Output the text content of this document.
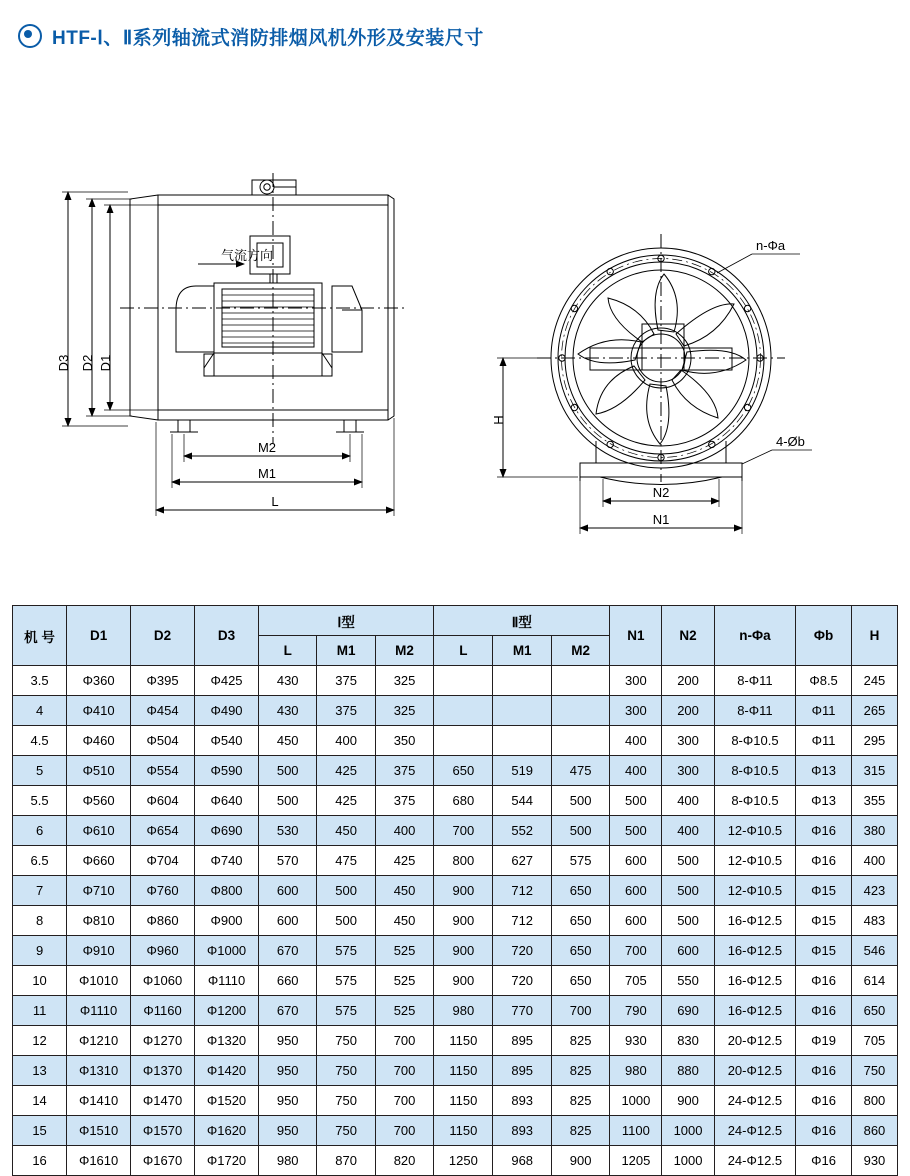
HTF-Ⅰ、Ⅱ系列轴流式消防排烟风机外形及安装尺寸
D3 D2 D1
M2
M1
L
气流方向
H
N2
N1
n-Φa
4-Øb
机 号	D1	D2	D3	Ⅰ型			Ⅱ型			N1	N2	n-Φa	Φb	H
				L	M1	M2	L	M1	M2					
3.5	Φ360	Φ395	Φ425	430	375	325				300	200	8-Φ11	Φ8.5	245
4	Φ410	Φ454	Φ490	430	375	325				300	200	8-Φ11	Φ11	265
4.5	Φ460	Φ504	Φ540	450	400	350				400	300	8-Φ10.5	Φ11	295
5	Φ510	Φ554	Φ590	500	425	375	650	519	475	400	300	8-Φ10.5	Φ13	315
5.5	Φ560	Φ604	Φ640	500	425	375	680	544	500	500	400	8-Φ10.5	Φ13	355
6	Φ610	Φ654	Φ690	530	450	400	700	552	500	500	400	12-Φ10.5	Φ16	380
6.5	Φ660	Φ704	Φ740	570	475	425	800	627	575	600	500	12-Φ10.5	Φ16	400
7	Φ710	Φ760	Φ800	600	500	450	900	712	650	600	500	12-Φ10.5	Φ15	423
8	Φ810	Φ860	Φ900	600	500	450	900	712	650	600	500	16-Φ12.5	Φ15	483
9	Φ910	Φ960	Φ1000	670	575	525	900	720	650	700	600	16-Φ12.5	Φ15	546
10	Φ1010	Φ1060	Φ1110	660	575	525	900	720	650	705	550	16-Φ12.5	Φ16	614
11	Φ1110	Φ1160	Φ1200	670	575	525	980	770	700	790	690	16-Φ12.5	Φ16	650
12	Φ1210	Φ1270	Φ1320	950	750	700	1150	895	825	930	830	20-Φ12.5	Φ19	705
13	Φ1310	Φ1370	Φ1420	950	750	700	1150	895	825	980	880	20-Φ12.5	Φ16	750
14	Φ1410	Φ1470	Φ1520	950	750	700	1150	893	825	1000	900	24-Φ12.5	Φ16	800
15	Φ1510	Φ1570	Φ1620	950	750	700	1150	893	825	1100	1000	24-Φ12.5	Φ16	860
16	Φ1610	Φ1670	Φ1720	980	870	820	1250	968	900	1205	1000	24-Φ12.5	Φ16	930
